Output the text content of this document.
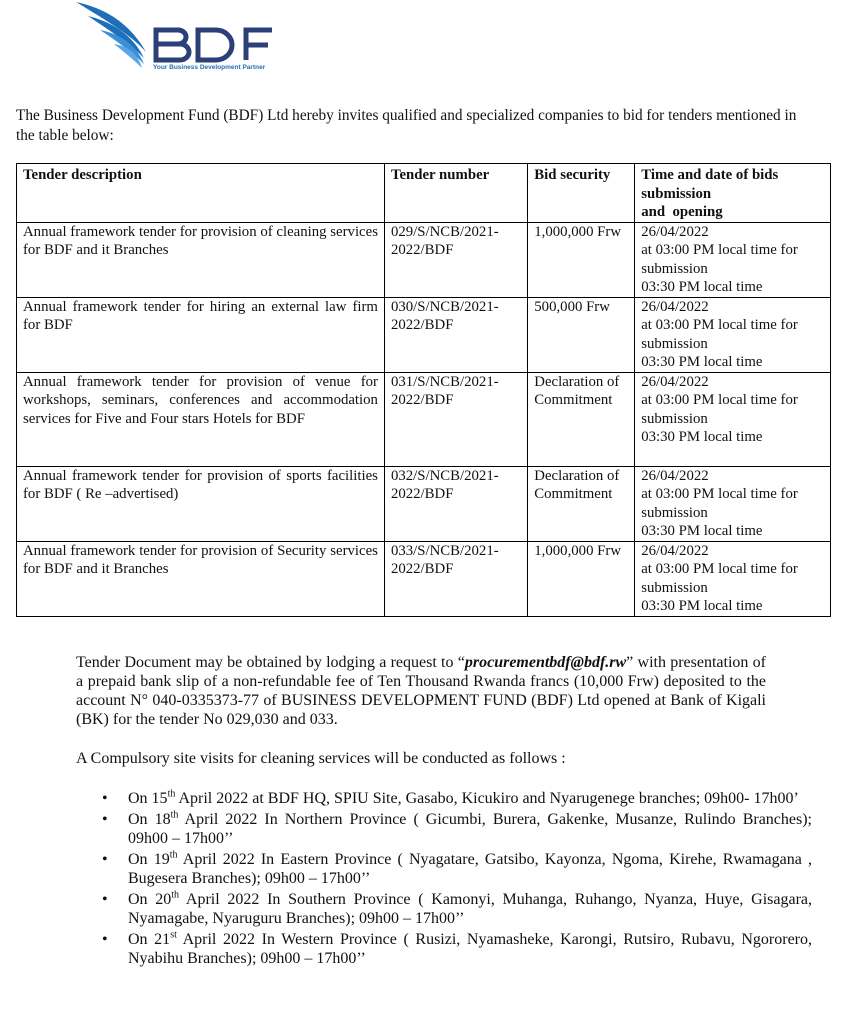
Your Business Development Partner

The Business Development Fund (BDF) Ltd hereby invites qualified and specialized companies to bid for tenders mentioned in the table below:

Tender description	Tender number	Bid security	Time and date of bids
submission
and  opening
Annual framework tender for provision of cleaning services for BDF and it Branches	029/S/NCB/2021-2022/BDF	1,000,000 Frw	26/04/2022
at 03:00 PM local time for submission
03:30 PM local time

Annual framework tender for hiring an external law firm for BDF	030/S/NCB/2021-2022/BDF	500,000 Frw	26/04/2022
at 03:00 PM local time for submission
03:30 PM local time

Annual framework tender for provision of venue for workshops, seminars, conferences and accommodation services for Five and Four stars Hotels for BDF	031/S/NCB/2021-2022/BDF	Declaration of Commitment	26/04/2022
at 03:00 PM local time for submission
03:30 PM local time

Annual framework tender for provision of sports facilities for BDF ( Re –advertised)	032/S/NCB/2021-2022/BDF	Declaration of Commitment	26/04/2022
at 03:00 PM local time for submission
03:30 PM local time

Annual framework tender for provision of Security services for BDF and it Branches	033/S/NCB/2021-2022/BDF	1,000,000 Frw	26/04/2022
at 03:00 PM local time for submission
03:30 PM local time

Tender Document may be obtained by lodging a request to “procurementbdf@bdf.rw” with presentation of a prepaid bank slip of a non-refundable fee of Ten Thousand Rwanda francs (10,000 Frw) deposited to the account N° 040-0335373-77 of BUSINESS DEVELOPMENT FUND (BDF) Ltd opened at Bank of Kigali (BK) for the tender No 029,030 and 033.

A Compulsory site visits for cleaning services will be conducted as follows :

• On 15th April 2022 at BDF HQ, SPIU Site, Gasabo, Kicukiro and Nyarugenege branches; 09h00- 17h00’
• On 18th April 2022 In Northern Province ( Gicumbi, Burera, Gakenke, Musanze, Rulindo Branches); 09h00 – 17h00’’
• On 19th April 2022 In Eastern Province ( Nyagatare, Gatsibo, Kayonza, Ngoma, Kirehe, Rwamagana , Bugesera Branches); 09h00 – 17h00’’
• On 20th April 2022 In Southern Province ( Kamonyi, Muhanga, Ruhango, Nyanza, Huye, Gisagara, Nyamagabe, Nyaruguru Branches); 09h00 – 17h00’’
• On 21st April 2022 In Western Province ( Rusizi, Nyamasheke, Karongi, Rutsiro, Rubavu, Ngororero, Nyabihu Branches); 09h00 – 17h00’’
